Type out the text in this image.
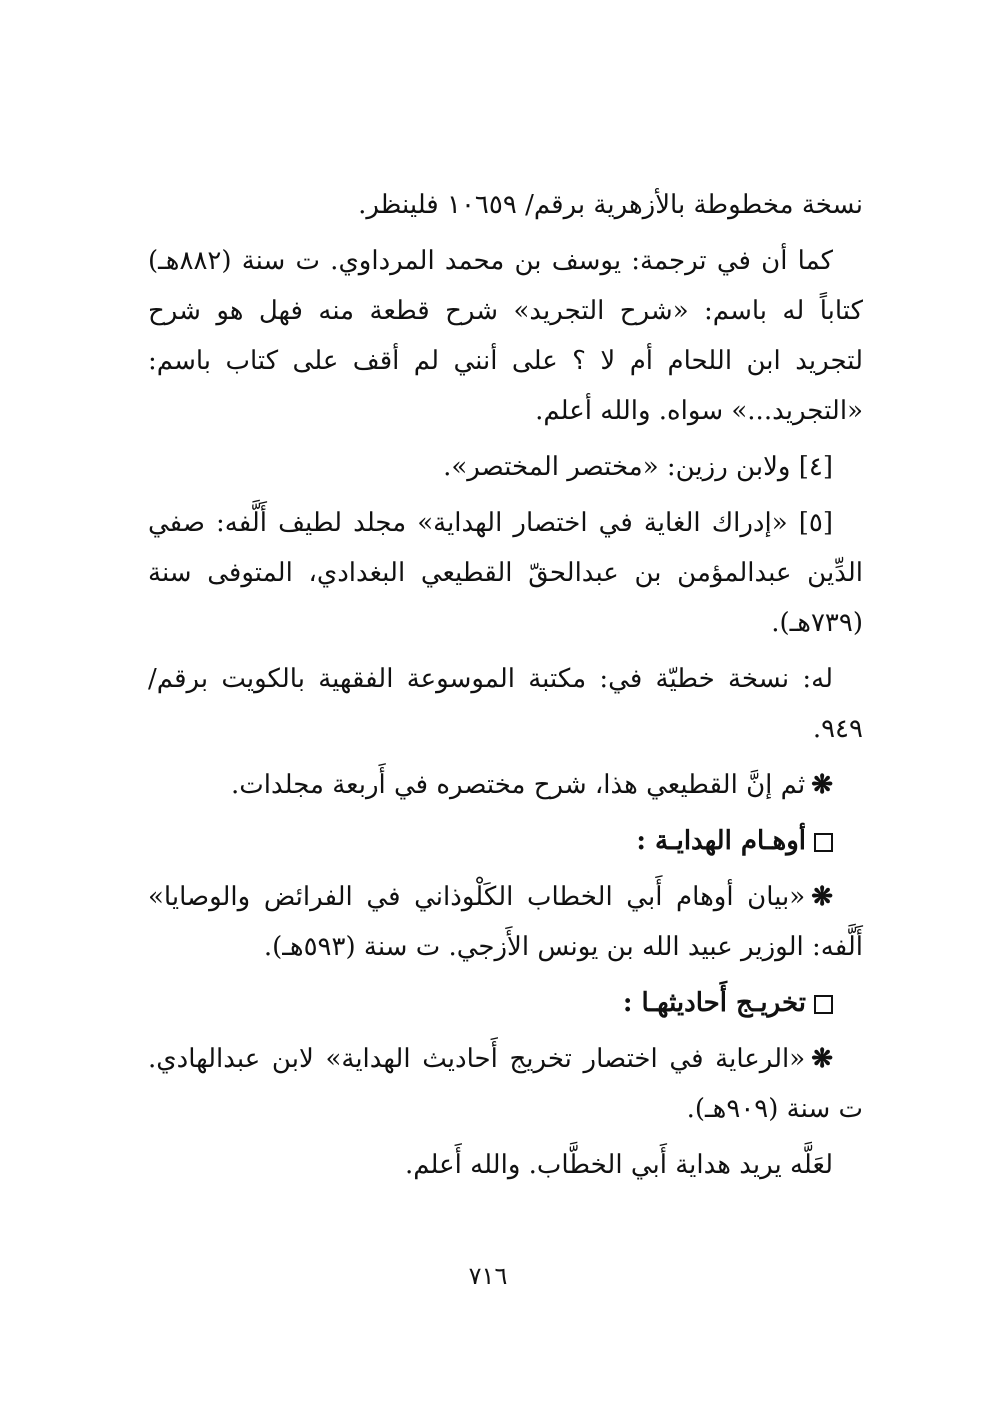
نسخة مخطوطة بالأزهرية برقم/ ١٠٦٥٩ فلينظر.

كما أن في ترجمة: يوسف بن محمد المرداوي. ت سنة (٨٨٢هـ) كتاباً له باسم: «شرح التجريد» شرح قطعة منه فهل هو شرح لتجريد ابن اللحام أم لا ؟ على أنني لم أقف على كتاب باسم: «التجريد...» سواه. والله أعلم.

[٤] ولابن رزين: «مختصر المختصر».

[٥] «إدراك الغاية في اختصار الهداية» مجلد لطيف أَلَّفه: صفي الدِّين عبدالمؤمن بن عبدالحقّ القطيعي البغدادي، المتوفى سنة (٧٣٩هـ).

له: نسخة خطيّة في: مكتبة الموسوعة الفقهية بالكويت برقم/ ٩٤٩.

❋ثم إنَّ القطيعي هذا، شرح مختصره في أَربعة مجلدات.

أوهـام الهدايـة :

❋«بيان أوهام أَبي الخطاب الكَلْوذاني في الفرائض والوصايا» أَلَّفه: الوزير عبيد الله بن يونس الأَزجي. ت سنة (٥٩٣هـ).

تخريـج أَحاديثهـا :

❋«الرعاية في اختصار تخريج أَحاديث الهداية» لابن عبدالهادي. ت سنة (٩٠٩هـ).

لعَلَّه يريد هداية أَبي الخطَّاب. والله أَعلم.

٧١٦
